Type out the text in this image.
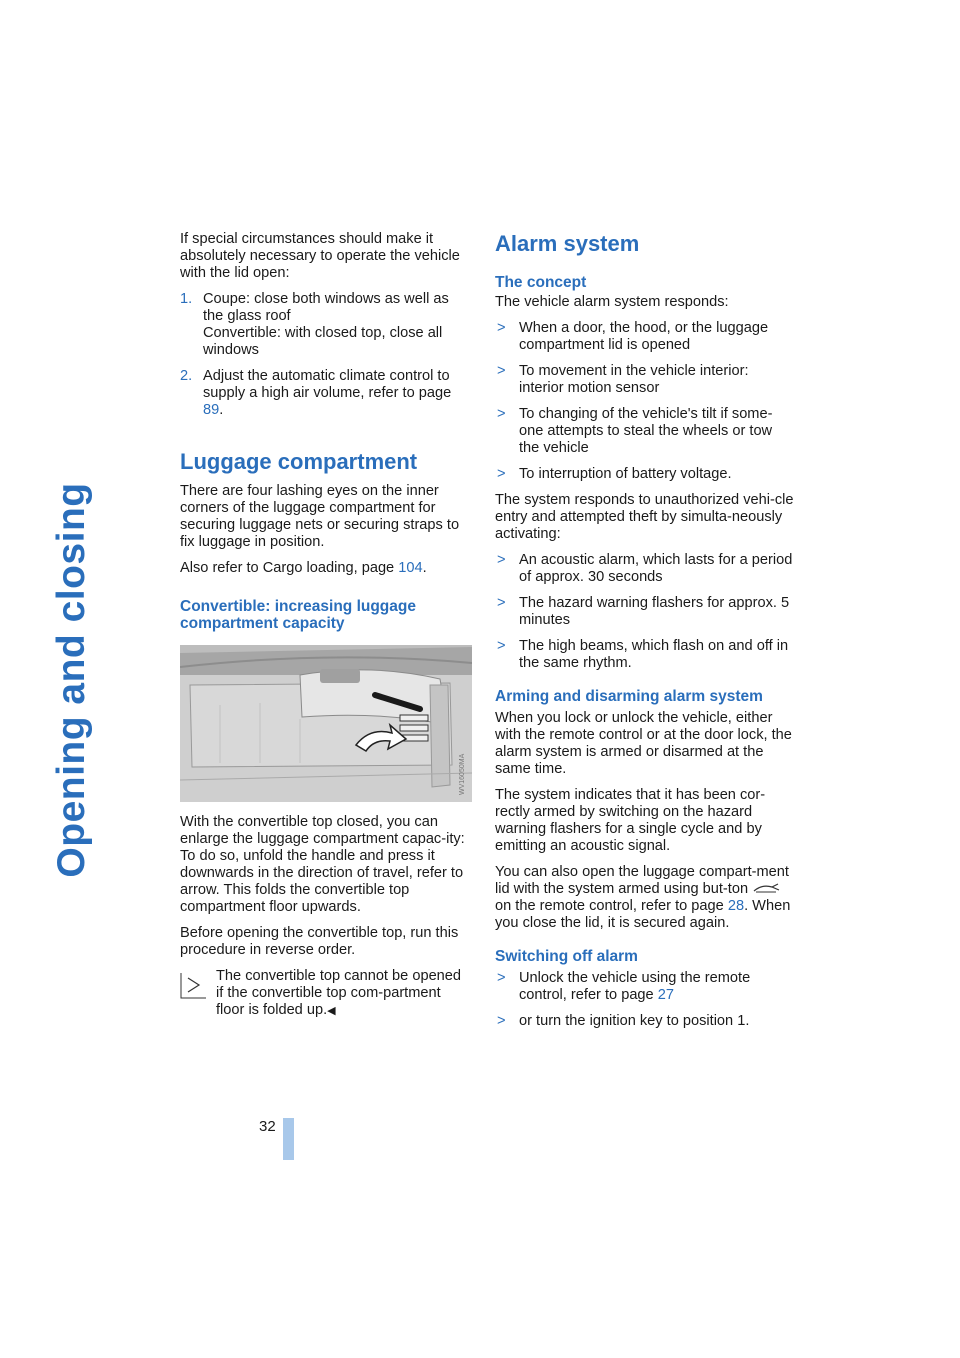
Opening and closing
32

If special circumstances should make it absolutely necessary to operate the vehicle with the lid open:

1. Coupe: close both windows as well as the glass roof
Convertible: with closed top, close all windows
2. Adjust the automatic climate control to supply a high air volume, refer to page 89.
Luggage compartment

There are four lashing eyes on the inner corners of the luggage compartment for securing luggage nets or securing straps to fix luggage in position.

Also refer to Cargo loading, page 104.

Convertible: increasing luggage compartment capacity
WV16050MA

With the convertible top closed, you can enlarge the luggage compartment capac-ity:
To do so, unfold the handle and press it downwards in the direction of travel, refer to arrow. This folds the convertible top compartment floor upwards.

Before opening the convertible top, run this procedure in reverse order.

The convertible top cannot be opened if the convertible top com-partment floor is folded up.◀
Alarm system
The concept

The vehicle alarm system responds:

> When a door, the hood, or the luggage compartment lid is opened
> To movement in the vehicle interior: interior motion sensor
> To changing of the vehicle's tilt if some-one attempts to steal the wheels or tow the vehicle
> To interruption of battery voltage.

The system responds to unauthorized vehi-cle entry and attempted theft by simulta-neously activating:

> An acoustic alarm, which lasts for a period of approx. 30 seconds
> The hazard warning flashers for approx. 5 minutes
> The high beams, which flash on and off in the same rhythm.
Arming and disarming alarm system

When you lock or unlock the vehicle, either with the remote control or at the door lock, the alarm system is armed or disarmed at the same time.

The system indicates that it has been cor-rectly armed by switching on the hazard warning flashers for a single cycle and by emitting an acoustic signal.

You can also open the luggage compart-ment lid with the system armed using but-ton  on the remote control, refer to page 28. When you close the lid, it is secured again.

Switching off alarm
> Unlock the vehicle using the remote control, refer to page 27
> or turn the ignition key to position 1.
